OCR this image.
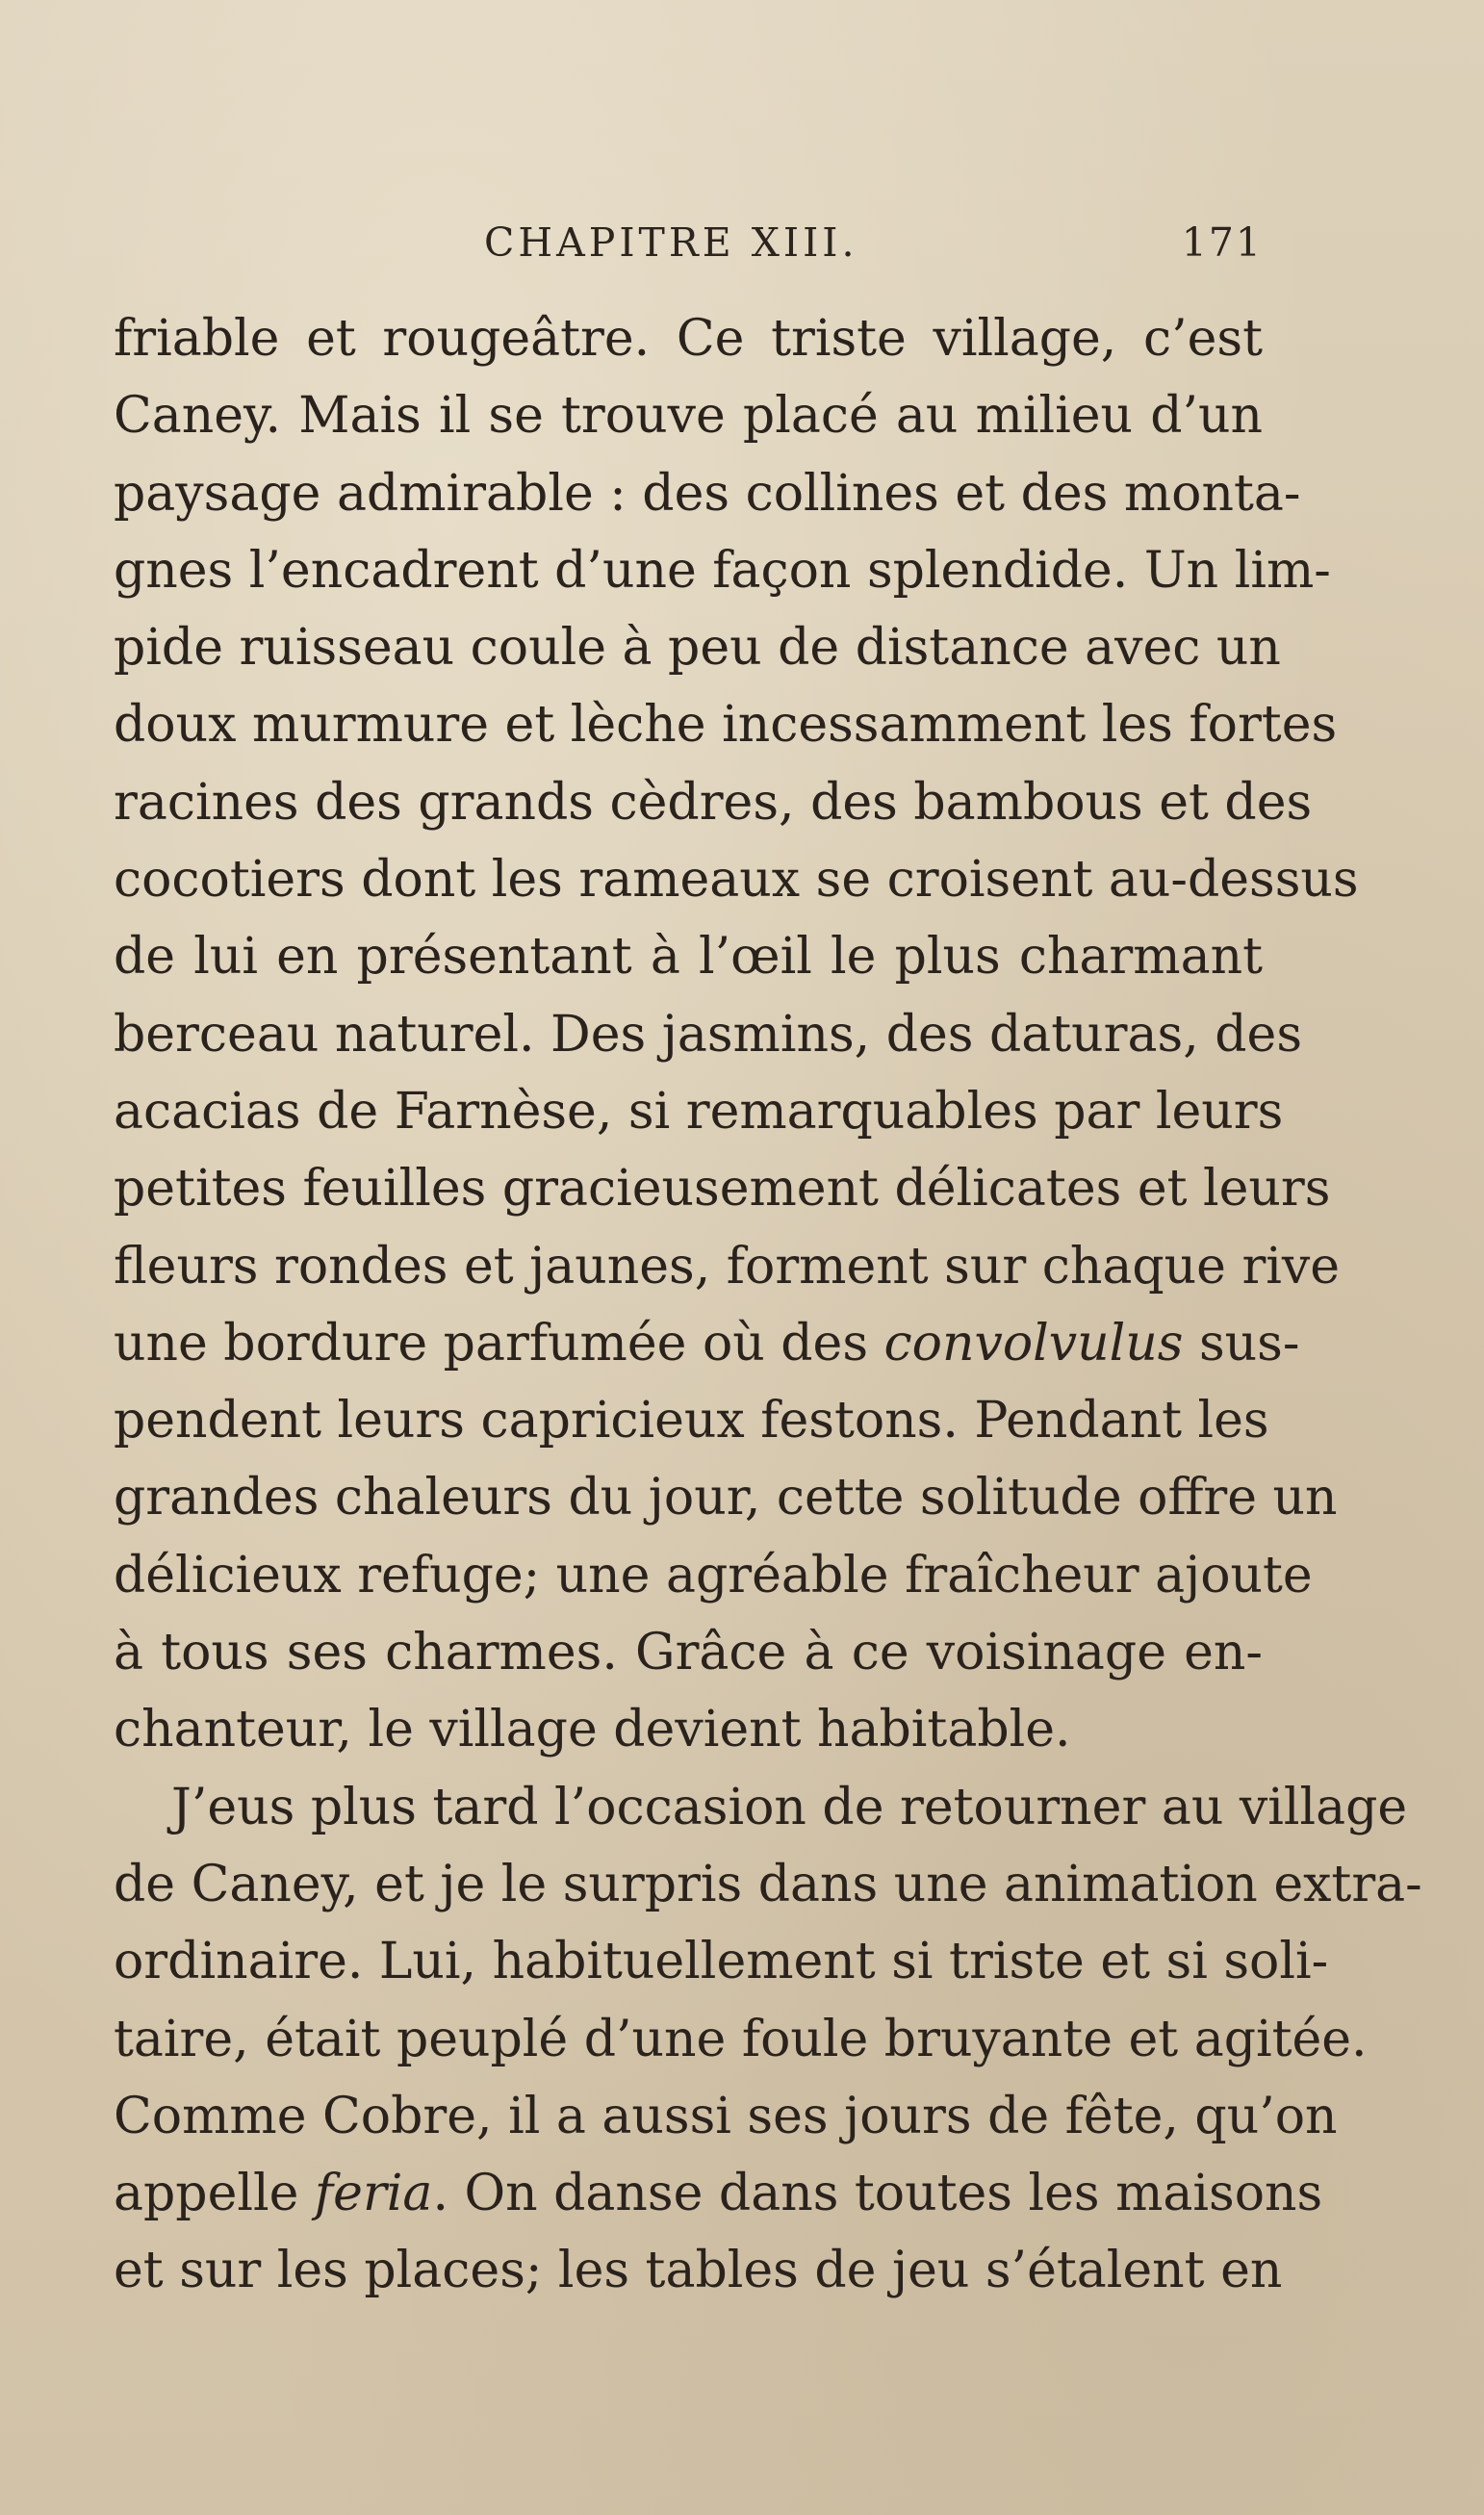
CHAPITRE XIII.	171
friable et rougeâtre. Ce triste village, c’est
Caney. Mais il se trouve placé au milieu d’un
paysage admirable : des collines et des monta-
gnes l’encadrent d’une façon splendide. Un lim-
pide ruisseau coule à peu de distance avec un
doux murmure et lèche incessamment les fortes
racines des grands cèdres, des bambous et des
cocotiers dont les rameaux se croisent au-dessus
de lui en présentant à l’œil le plus charmant
berceau naturel. Des jasmins, des daturas, des
acacias de Farnèse, si remarquables par leurs
petites feuilles gracieusement délicates et leurs
fleurs rondes et jaunes, forment sur chaque rive
une bordure parfumée où des convolvulus sus-
pendent leurs capricieux festons. Pendant les
grandes chaleurs du jour, cette solitude offre un
délicieux refuge; une agréable fraîcheur ajoute
à tous ses charmes. Grâce à ce voisinage en-
chanteur, le village devient habitable.
J’eus plus tard l’occasion de retourner au village
de Caney, et je le surpris dans une animation extra-
ordinaire. Lui, habituellement si triste et si soli-
taire, était peuplé d’une foule bruyante et agitée.
Comme Cobre, il a aussi ses jours de fête, qu’on
appelle feria. On danse dans toutes les maisons
et sur les places; les tables de jeu s’étalent en
